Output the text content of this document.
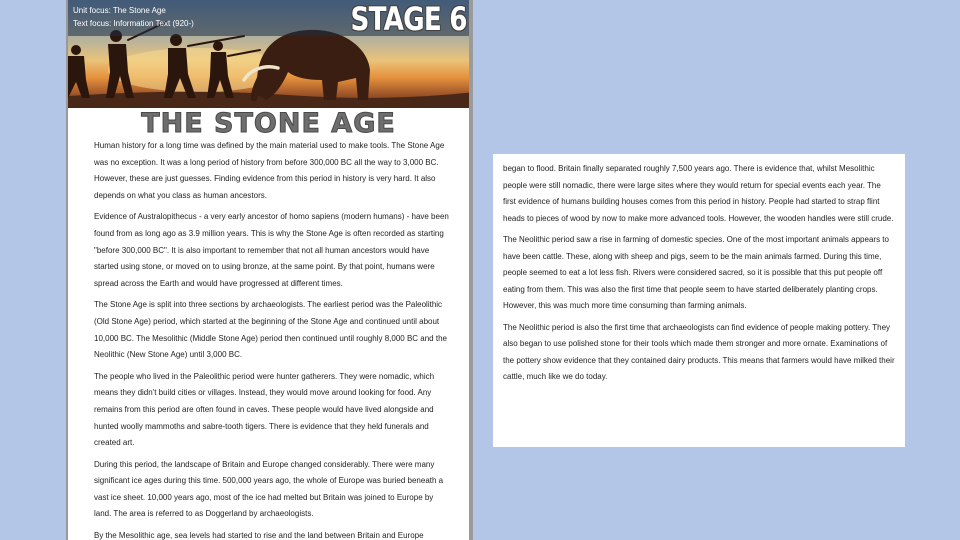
Unit focus: The Stone Age
Text focus: Information Text (920-)	STAGE 6
THE STONE AGE

Human history for a long time was defined by the main material used to make tools. The Stone Age was no exception. It was a long period of history from before 300,000 BC all the way to 3,000 BC. However, these are just guesses. Finding evidence from this period in history is very hard. It also depends on what you class as human ancestors.

Evidence of Australopithecus - a very early ancestor of homo sapiens (modern humans) - have been found from as long ago as 3.9 million years. This is why the Stone Age is often recorded as starting "before 300,000 BC". It is also important to remember that not all human ancestors would have started using stone, or moved on to using bronze, at the same point. By that point, humans were spread across the Earth and would have progressed at different times.

The Stone Age is split into three sections by archaeologists. The earliest period was the Paleolithic (Old Stone Age) period, which started at the beginning of the Stone Age and continued until about 10,000 BC. The Mesolithic (Middle Stone Age) period then continued until roughly 8,000 BC and the Neolithic (New Stone Age) until 3,000 BC.

The people who lived in the Paleolithic period were hunter gatherers. They were nomadic, which means they didn't build cities or villages. Instead, they would move around looking for food. Any remains from this period are often found in caves. These people would have lived alongside and hunted woolly mammoths and sabre-tooth tigers. There is evidence that they held funerals and created art.

During this period, the landscape of Britain and Europe changed considerably. There were many significant ice ages during this time. 500,000 years ago, the whole of Europe was buried beneath a vast ice sheet. 10,000 years ago, most of the ice had melted but Britain was joined to Europe by land. The area is referred to as Doggerland by archaeologists.

By the Mesolithic age, sea levels had started to rise and the land between Britain and Europe

began to flood. Britain finally separated roughly 7,500 years ago. There is evidence that, whilst Mesolithic people were still nomadic, there were large sites where they would return for special events each year. The first evidence of humans building houses comes from this period in history. People had started to strap flint heads to pieces of wood by now to make more advanced tools. However, the wooden handles were still crude.

The Neolithic period saw a rise in farming of domestic species. One of the most important animals appears to have been cattle. These, along with sheep and pigs, seem to be the main animals farmed. During this time, people seemed to eat a lot less fish. Rivers were considered sacred, so it is possible that this put people off eating from them. This was also the first time that people seem to have started deliberately planting crops. However, this was much more time consuming than farming animals.

The Neolithic period is also the first time that archaeologists can find evidence of people making pottery. They also began to use polished stone for their tools which made them stronger and more ornate. Examinations of the pottery show evidence that they contained dairy products. This means that farmers would have milked their cattle, much like we do today.
